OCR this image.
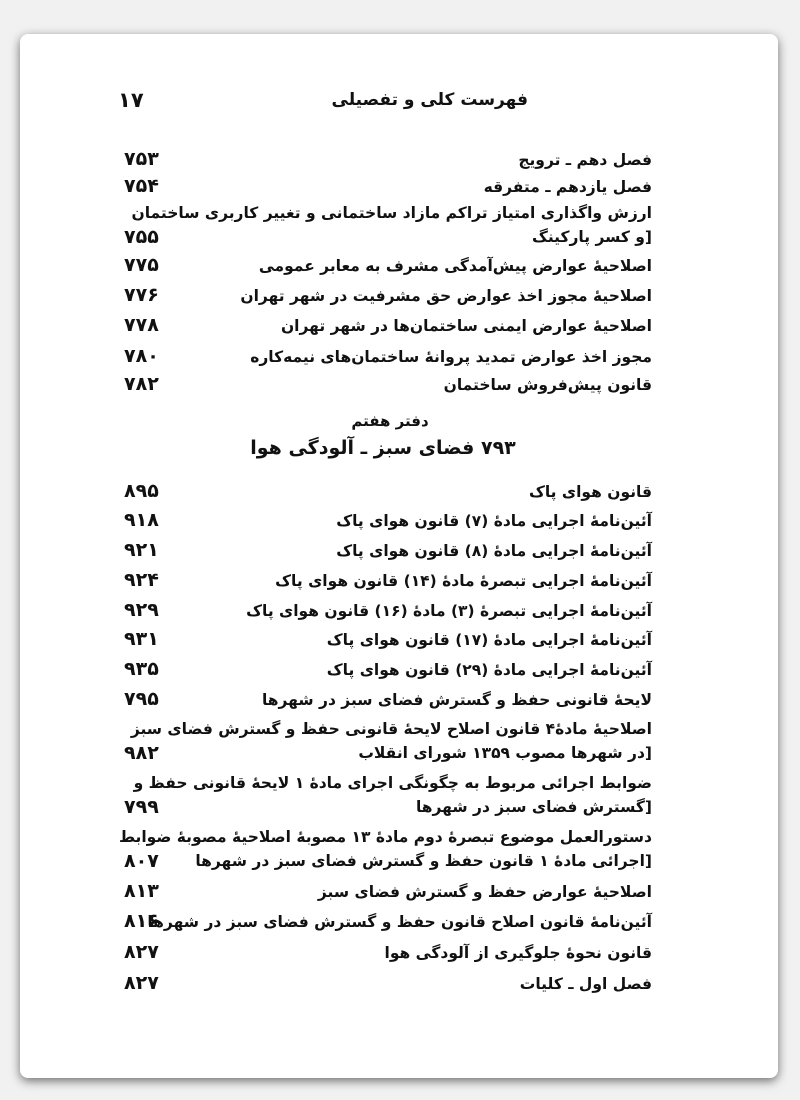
۱۷	فهرست کلی و تفصیلی
فصل دهم ـ ترویج
۷۵۳
فصل یازدهم ـ متفرقه
۷۵۴
ارزش واگذاری امتیاز تراکم مازاد ساختمانی و تغییر کاربری ساختمان
[و کسر پارکینگ
۷۵۵
اصلاحیهٔ عوارض پیش‌آمدگی مشرف به معابر عمومی
۷۷۵
اصلاحیهٔ مجوز اخذ عوارض حق مشرفیت در شهر تهران
۷۷۶
اصلاحیهٔ عوارض ایمنی ساختمان‌ها در شهر تهران
۷۷۸
مجوز اخذ عوارض تمدید پروانهٔ ساختمان‌های نیمه‌کاره
۷۸۰
قانون پیش‌فروش ساختمان
۷۸۲
دفتر هفتم
فضای سبز ـ آلودگی هوا ۷۹۳
قانون هوای پاک
۸۹۵
آئین‌نامهٔ اجرایی مادهٔ (۷) قانون هوای پاک
۹۱۸
آئین‌نامهٔ اجرایی مادهٔ (۸) قانون هوای پاک
۹۲۱
آئین‌نامهٔ اجرایی تبصرهٔ مادهٔ (۱۴) قانون هوای پاک
۹۲۴
آئین‌نامهٔ اجرایی تبصرهٔ (۳) مادهٔ (۱۶) قانون هوای پاک
۹۲۹
آئین‌نامهٔ اجرایی مادهٔ (۱۷) قانون هوای پاک
۹۳۱
آئین‌نامهٔ اجرایی مادهٔ (۲۹) قانون هوای پاک
۹۳۵
لایحهٔ قانونی حفظ و گسترش فضای سبز در شهرها
۷۹۵
اصلاحیهٔ مادهٔ۴ قانون اصلاح لایحهٔ قانونی حفظ و گسترش فضای سبز
[در شهرها مصوب ۱۳۵۹ شورای انقلاب
۹۸۲
ضوابط اجرائی مربوط به چگونگی اجرای مادهٔ ۱ لایحهٔ قانونی حفظ و
[گسترش فضای سبز در شهرها
۷۹۹
دستورالعمل موضوع تبصرهٔ دوم مادهٔ ۱۳ مصوبهٔ اصلاحیهٔ مصوبهٔ ضوابط
[اجرائی مادهٔ ۱ قانون حفظ و گسترش فضای سبز در شهرها
۸۰۷
اصلاحیهٔ عوارض حفظ و گسترش فضای سبز
۸۱۳
آئین‌نامهٔ قانون اصلاح قانون حفظ و گسترش فضای سبز در شهرها
۸۱۶
قانون نحوهٔ جلوگیری از آلودگی هوا
۸۲۷
فصل اول ـ کلیات
۸۲۷
